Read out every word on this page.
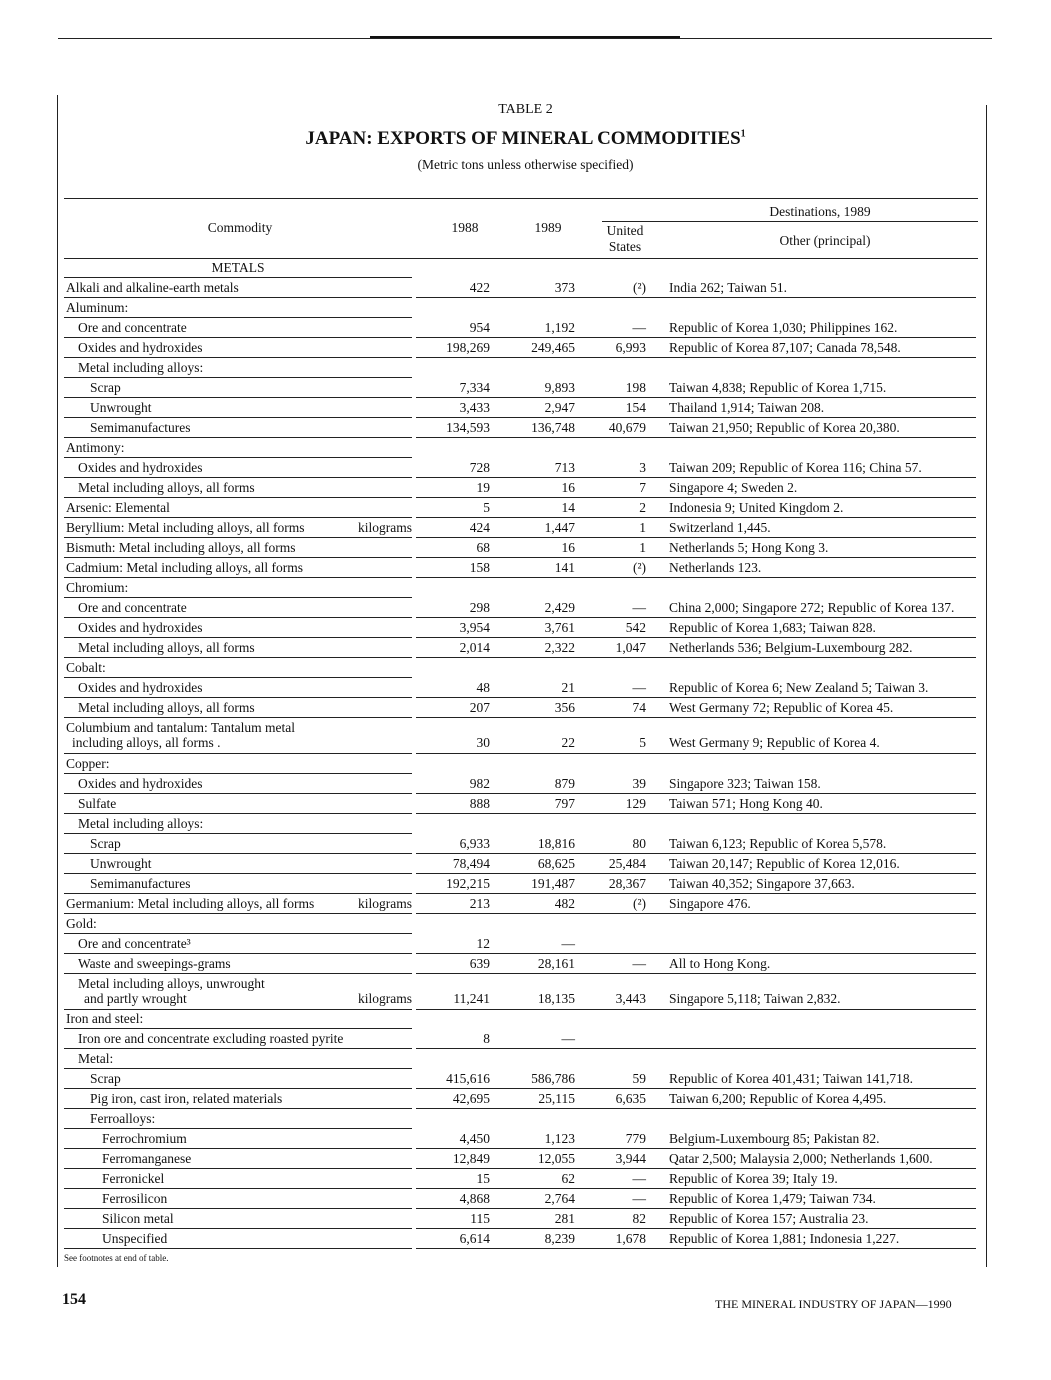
TABLE 2
JAPAN: EXPORTS OF MINERAL COMMODITIES$^1$
(Metric tons unless otherwise specified)
Commodity	1988	1989
Destinations, 1989
United
States	Other (principal)
METALS
Alkali and alkaline-earth metals	422	373	(²) India 262; Taiwan 51.
Aluminum:
Ore and concentrate	954	1,192	— Republic of Korea 1,030; Philippines 162.
Oxides and hydroxides	198,269	249,465	6,993 Republic of Korea 87,107; Canada 78,548.
Metal including alloys:
Scrap	7,334	9,893	198 Taiwan 4,838; Republic of Korea 1,715.
Unwrought	3,433	2,947	154 Thailand 1,914; Taiwan 208.
Semimanufactures	134,593	136,748	40,679 Taiwan 21,950; Republic of Korea 20,380.
Antimony:
Oxides and hydroxides	728	713	3 Taiwan 209; Republic of Korea 116; China 57.
Metal including alloys, all forms	19	16	7 Singapore 4; Sweden 2.
Arsenic: Elemental	5	14	2 Indonesia 9; United Kingdom 2.
Beryllium: Metal including alloys, all forms	kilograms	424	1,447	1 Switzerland 1,445.
Bismuth: Metal including alloys, all forms	68	16	1 Netherlands 5; Hong Kong 3.
Cadmium: Metal including alloys, all forms	158	141	(²) Netherlands 123.
Chromium:
Ore and concentrate	298	2,429	— China 2,000; Singapore 272; Republic of Korea 137.
Oxides and hydroxides	3,954	3,761	542 Republic of Korea 1,683; Taiwan 828.
Metal including alloys, all forms	2,014	2,322	1,047 Netherlands 536; Belgium-Luxembourg 282.
Cobalt:
Oxides and hydroxides	48	21	— Republic of Korea 6; New Zealand 5; Taiwan 3.
Metal including alloys, all forms	207	356	74 West Germany 72; Republic of Korea 45.
Columbium and tantalum: Tantalum metal
including alloys, all forms .	30	22	5 West Germany 9; Republic of Korea 4.
Copper:
Oxides and hydroxides	982	879	39 Singapore 323; Taiwan 158.
Sulfate	888	797	129 Taiwan 571; Hong Kong 40.
Metal including alloys:
Scrap	6,933	18,816	80 Taiwan 6,123; Republic of Korea 5,578.
Unwrought	78,494	68,625	25,484 Taiwan 20,147; Republic of Korea 12,016.
Semimanufactures	192,215	191,487	28,367 Taiwan 40,352; Singapore 37,663.
Germanium: Metal including alloys, all forms	kilograms	213	482	(²) Singapore 476.
Gold:
Ore and concentrate³	12	—
Waste and sweepings-grams	639	28,161	— All to Hong Kong.
Metal including alloys, unwrought
and partly wrought	kilograms	11,241	18,135	3,443 Singapore 5,118; Taiwan 2,832.
Iron and steel:
Iron ore and concentrate excluding roasted pyrite	8	—
Metal:
Scrap	415,616	586,786	59 Republic of Korea 401,431; Taiwan 141,718.
Pig iron, cast iron, related materials	42,695	25,115	6,635 Taiwan 6,200; Republic of Korea 4,495.
Ferroalloys:
Ferrochromium	4,450	1,123	779 Belgium-Luxembourg 85; Pakistan 82.
Ferromanganese	12,849	12,055	3,944 Qatar 2,500; Malaysia 2,000; Netherlands 1,600.
Ferronickel	15	62	— Republic of Korea 39; Italy 19.
Ferrosilicon	4,868	2,764	— Republic of Korea 1,479; Taiwan 734.
Silicon metal	115	281	82 Republic of Korea 157; Australia 23.
Unspecified	6,614	8,239	1,678 Republic of Korea 1,881; Indonesia 1,227.
See footnotes at end of table.
154	THE MINERAL INDUSTRY OF JAPAN—1990
